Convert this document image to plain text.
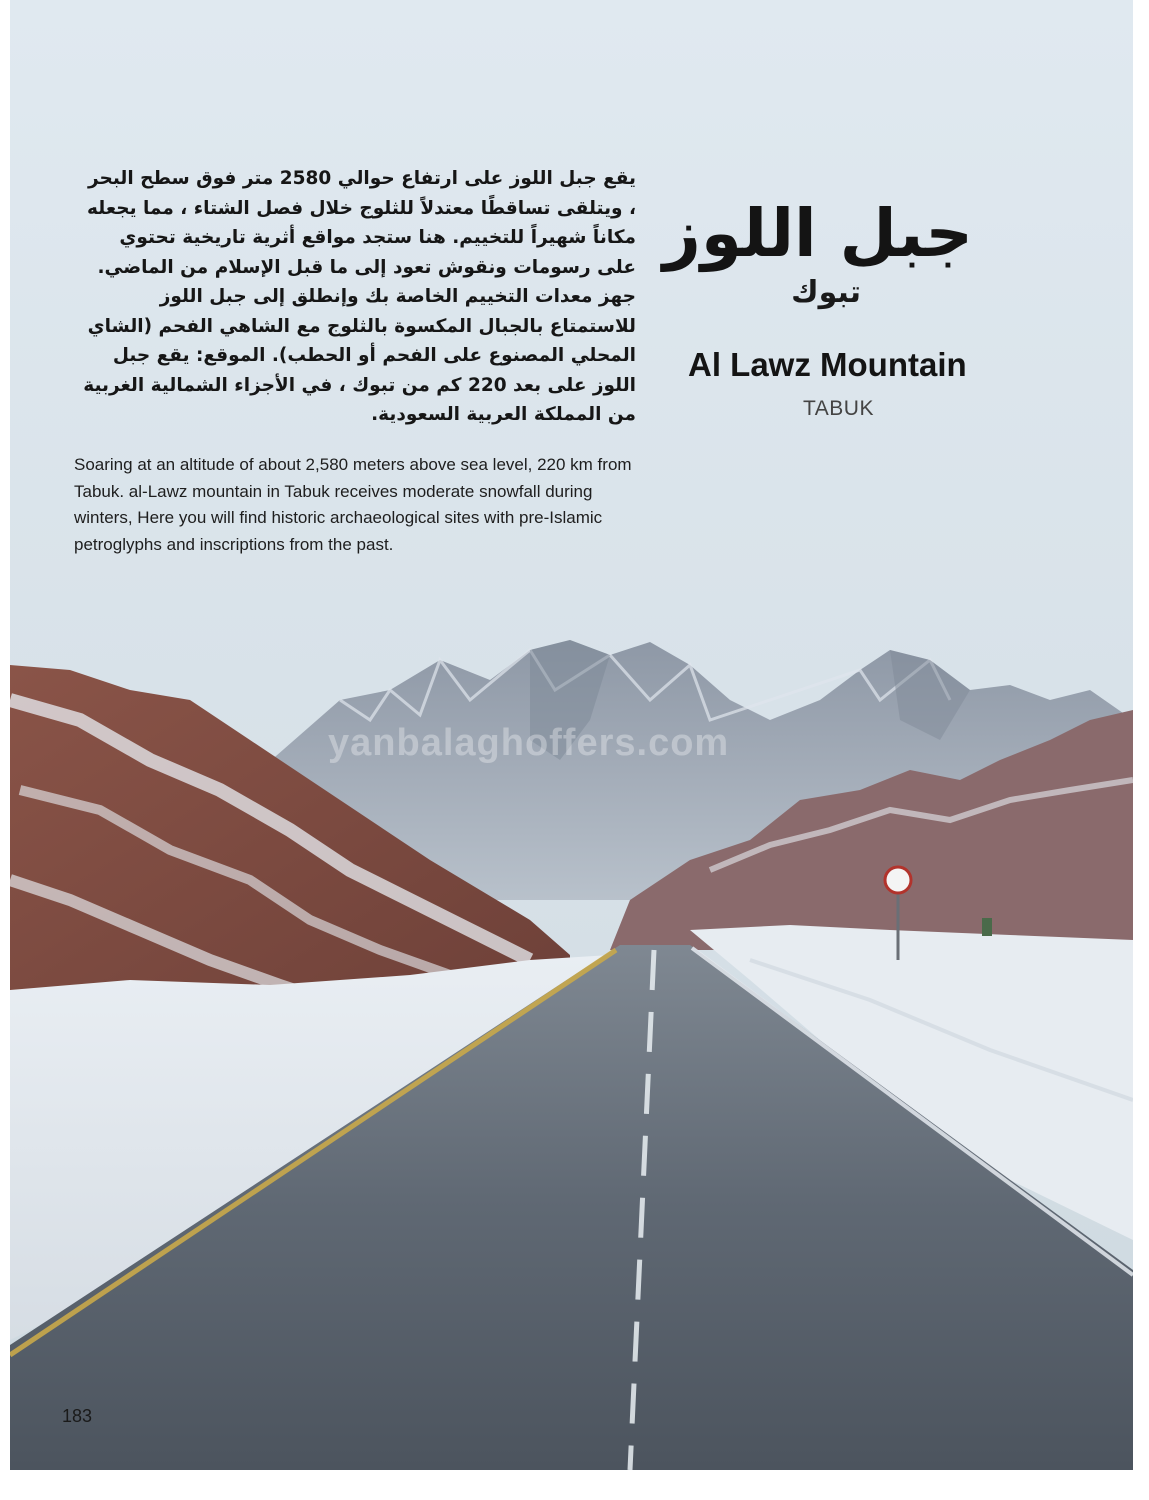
yanbalaghoffers.com

جبل اللوز
تبوك
Al Lawz Mountain

TABUK

يقع جبل اللوز على ارتفاع حوالي 2580 متر فوق سطح البحر ، ويتلقى تساقطًا معتدلاً للثلوج خلال فصل الشتاء ، مما يجعله مكاناً شهيراً للتخييم. هنا ستجد مواقع أثرية تاريخية تحتوي على رسومات ونقوش تعود إلى ما قبل الإسلام من الماضي. جهز معدات التخييم الخاصة بك وإنطلق إلى جبل اللوز للاستمتاع بالجبال المكسوة بالثلوج مع الشاهي الفحم (الشاي المحلي المصنوع على الفحم أو الحطب). الموقع: يقع جبل اللوز على بعد 220 كم من تبوك ، في الأجزاء الشمالية الغربية من المملكة العربية السعودية.

Soaring at an altitude of about 2,580 meters above sea level, 220 km from Tabuk. al-Lawz mountain in Tabuk receives moderate snowfall during winters, Here you will find historic archaeological sites with pre-Islamic petroglyphs and inscriptions from the past.

183
